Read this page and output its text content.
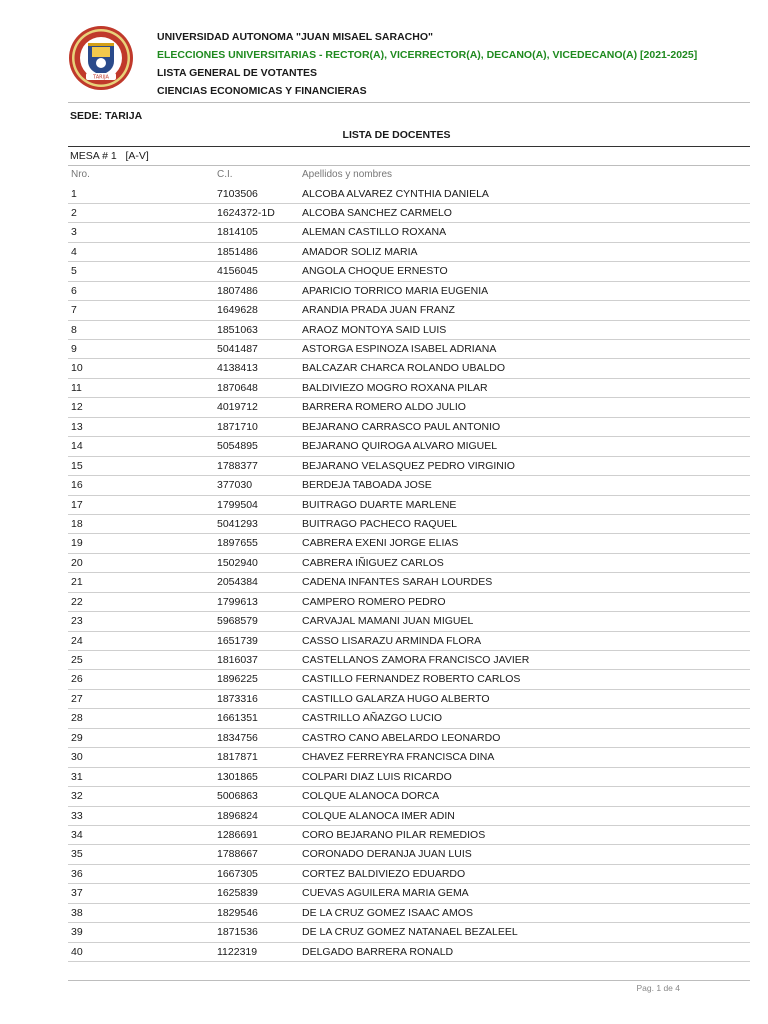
TARIJA
UNIVERSIDAD AUTONOMA "JUAN MISAEL SARACHO"
ELECCIONES UNIVERSITARIAS - RECTOR(A), VICERRECTOR(A), DECANO(A), VICEDECANO(A) [2021-2025]
LISTA GENERAL DE VOTANTES
CIENCIAS ECONOMICAS Y FINANCIERAS
SEDE: TARIJA
LISTA DE DOCENTES
MESA # 1   [A-V]
Nro.	C.I.	Apellidos y nombres
1	7103506	ALCOBA ALVAREZ CYNTHIA DANIELA
2	1624372-1D	ALCOBA SANCHEZ CARMELO
3	1814105	ALEMAN CASTILLO ROXANA
4	1851486	AMADOR SOLIZ MARIA
5	4156045	ANGOLA CHOQUE ERNESTO
6	1807486	APARICIO TORRICO MARIA EUGENIA
7	1649628	ARANDIA PRADA JUAN FRANZ
8	1851063	ARAOZ MONTOYA SAID LUIS
9	5041487	ASTORGA ESPINOZA ISABEL ADRIANA
10	4138413	BALCAZAR CHARCA ROLANDO UBALDO
11	1870648	BALDIVIEZO MOGRO ROXANA PILAR
12	4019712	BARRERA ROMERO ALDO JULIO
13	1871710	BEJARANO CARRASCO PAUL ANTONIO
14	5054895	BEJARANO QUIROGA ALVARO MIGUEL
15	1788377	BEJARANO VELASQUEZ PEDRO VIRGINIO
16	377030	BERDEJA TABOADA JOSE
17	1799504	BUITRAGO DUARTE MARLENE
18	5041293	BUITRAGO PACHECO RAQUEL
19	1897655	CABRERA EXENI JORGE ELIAS
20	1502940	CABRERA IÑIGUEZ CARLOS
21	2054384	CADENA INFANTES SARAH LOURDES
22	1799613	CAMPERO ROMERO PEDRO
23	5968579	CARVAJAL MAMANI JUAN MIGUEL
24	1651739	CASSO LISARAZU ARMINDA FLORA
25	1816037	CASTELLANOS ZAMORA FRANCISCO JAVIER
26	1896225	CASTILLO FERNANDEZ ROBERTO CARLOS
27	1873316	CASTILLO GALARZA HUGO ALBERTO
28	1661351	CASTRILLO AÑAZGO LUCIO
29	1834756	CASTRO CANO ABELARDO LEONARDO
30	1817871	CHAVEZ FERREYRA FRANCISCA DINA
31	1301865	COLPARI DIAZ LUIS RICARDO
32	5006863	COLQUE ALANOCA DORCA
33	1896824	COLQUE ALANOCA IMER ADIN
34	1286691	CORO BEJARANO PILAR REMEDIOS
35	1788667	CORONADO DERANJA JUAN LUIS
36	1667305	CORTEZ BALDIVIEZO EDUARDO
37	1625839	CUEVAS AGUILERA MARIA GEMA
38	1829546	DE LA CRUZ GOMEZ ISAAC AMOS
39	1871536	DE LA CRUZ GOMEZ NATANAEL BEZALEEL
40	1122319	DELGADO BARRERA RONALD
Pag. 1 de 4
